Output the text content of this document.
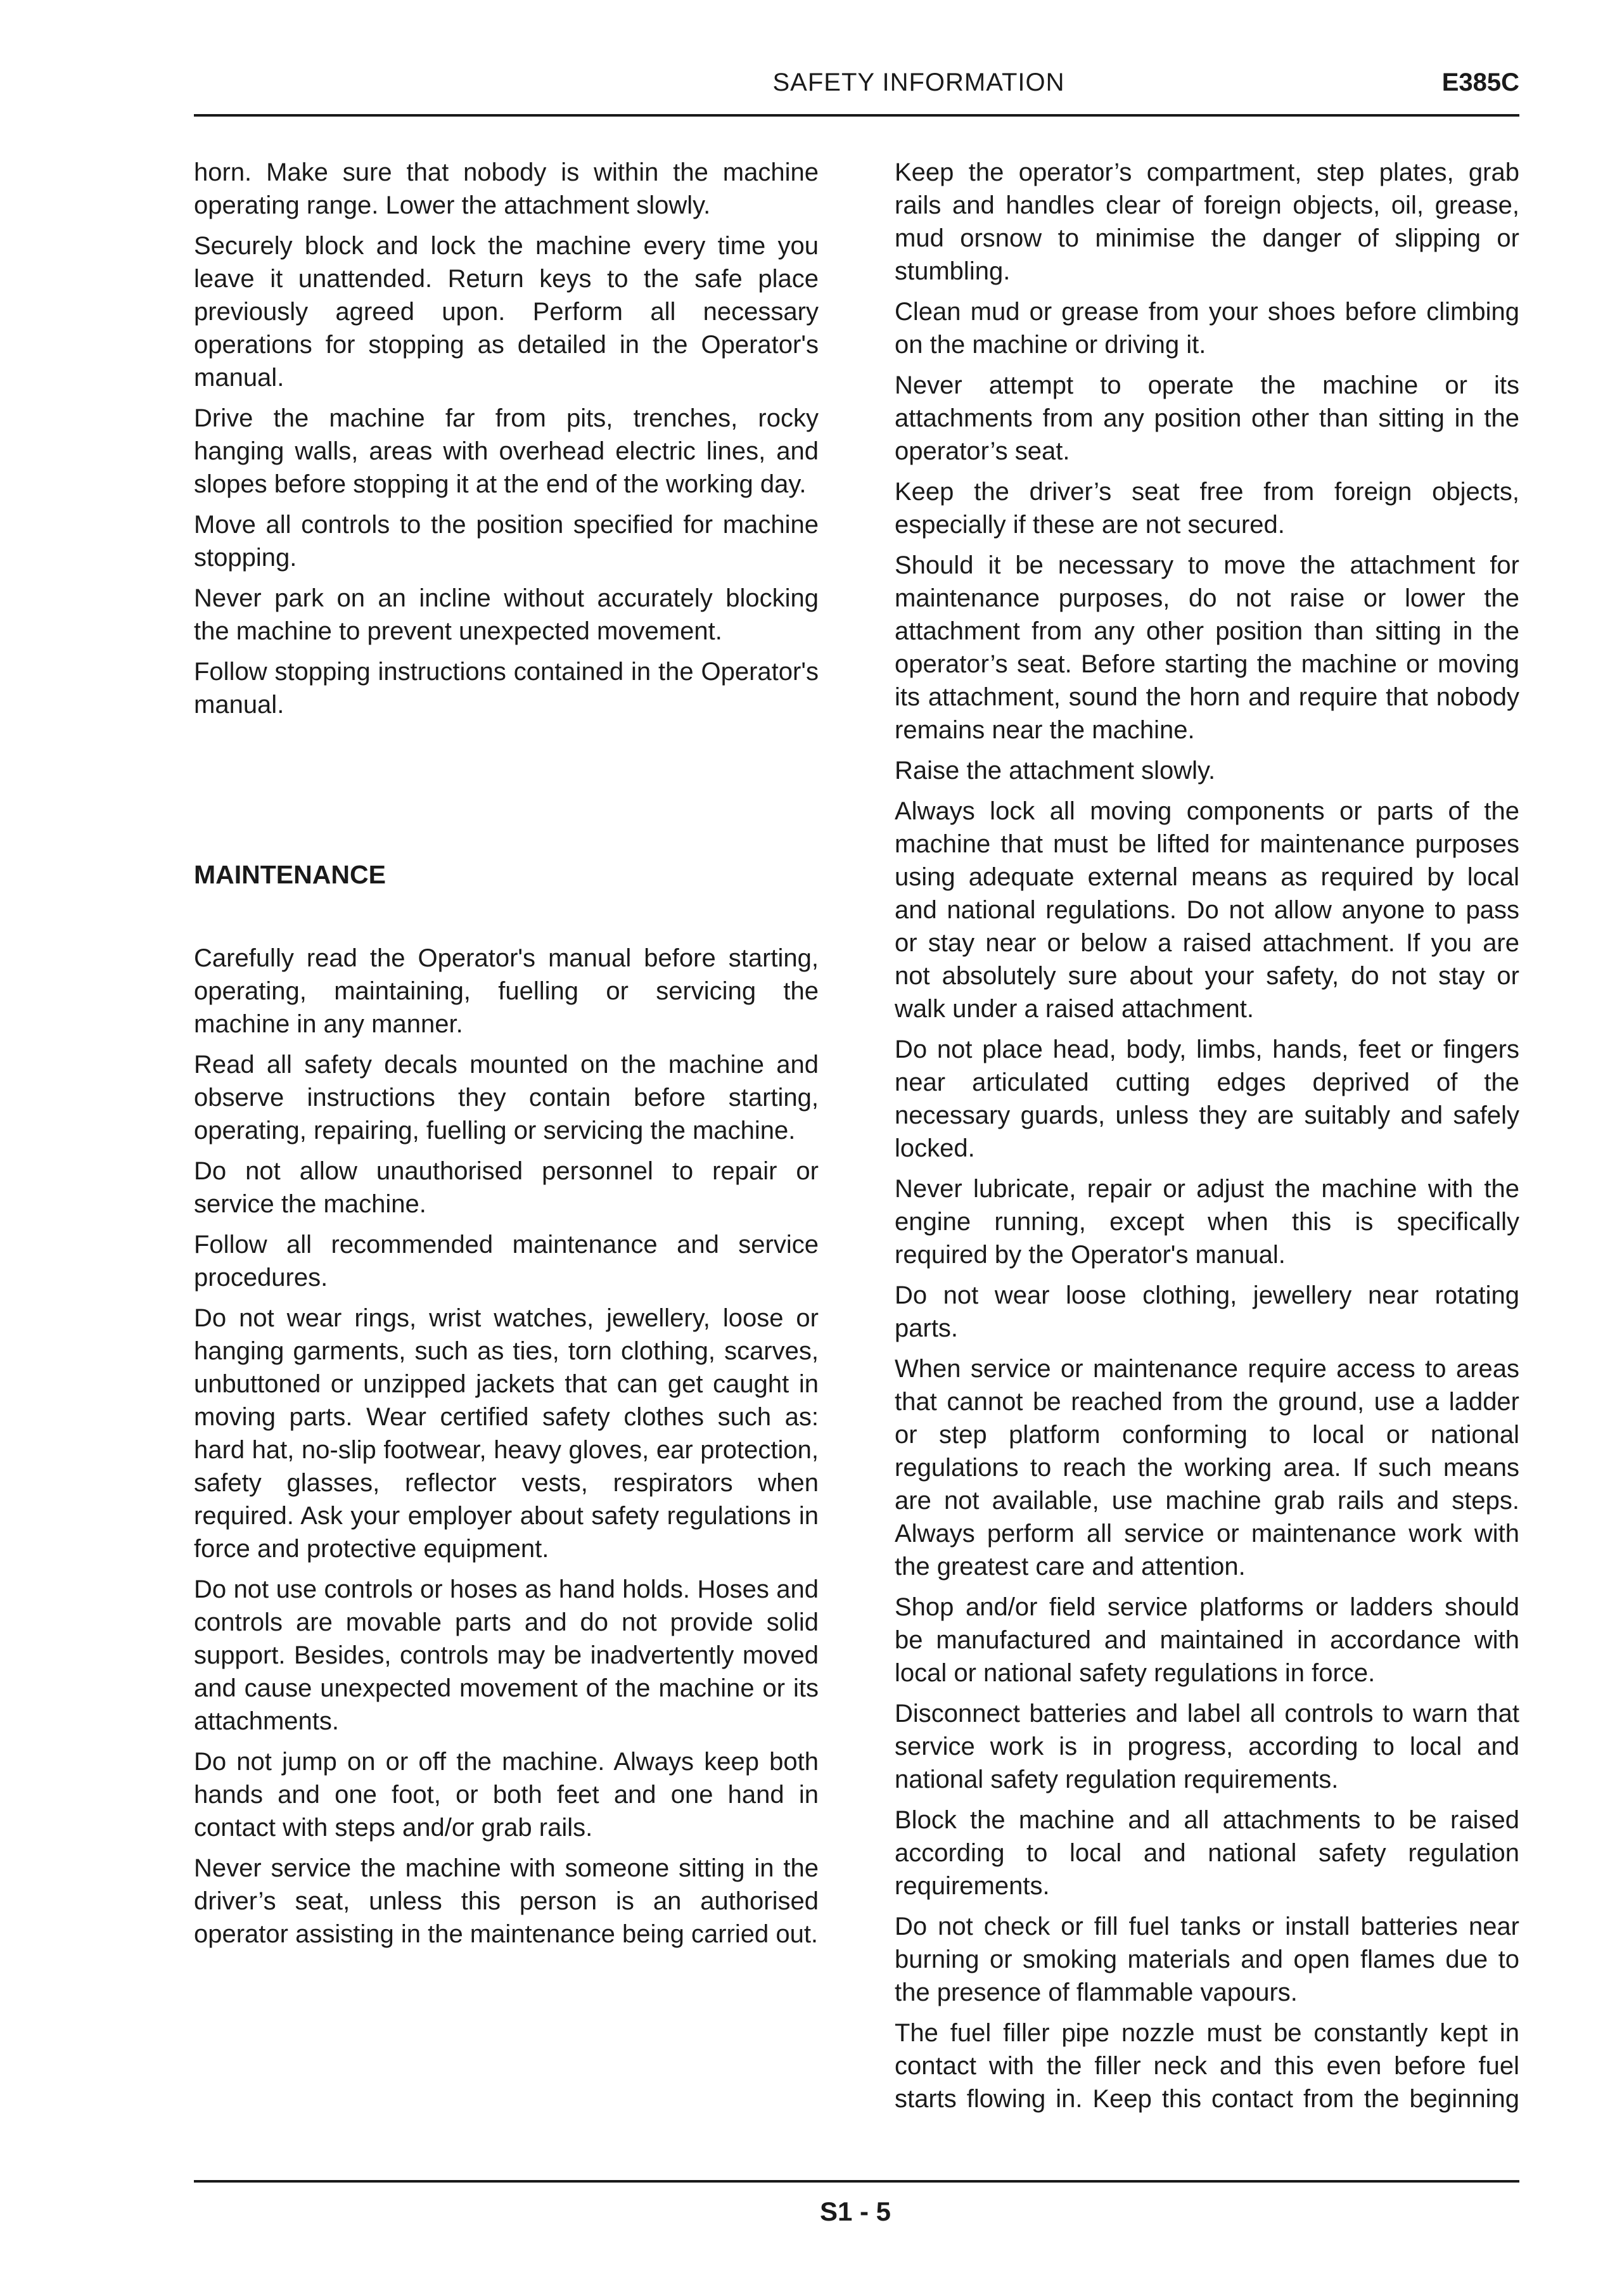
SAFETY INFORMATION	E385C

horn. Make sure that nobody is within the machine operating range. Lower the attachment slowly.

Securely block and lock the machine every time you leave it unattended. Return keys to the safe place previously agreed upon. Perform all necessary operations for stopping as detailed in the Operator's manual.

Drive the machine far from pits, trenches, rocky hanging walls, areas with overhead electric lines, and slopes before stopping it at the end of the working day.

Move all controls to the position specified for machine stopping.

Never park on an incline without accurately blocking the machine to prevent unexpected movement.

Follow stopping instructions contained in the Operator's manual.

MAINTENANCE

Carefully read the Operator's manual before starting, operating, maintaining, fuelling or servicing the machine in any manner.

Read all safety decals mounted on the machine and observe instructions they contain before starting, operating, repairing, fuelling or servicing the machine.

Do not allow unauthorised personnel to repair or service the machine.

Follow all recommended maintenance and service procedures.

Do not wear rings, wrist watches, jewellery, loose or hanging garments, such as ties, torn clothing, scarves, unbuttoned or unzipped jackets that can get caught in moving parts. Wear certified safety clothes such as: hard hat, no-slip footwear, heavy gloves, ear protection, safety glasses, reflector vests, respirators when required. Ask your employer about safety regulations in force and protective equipment.

Do not use controls or hoses as hand holds. Hoses and controls are movable parts and do not provide solid support. Besides, controls may be inadvertently moved and cause unexpected movement of the machine or its attachments.

Do not jump on or off the machine. Always keep both hands and one foot, or both feet and one hand in contact with steps and/or grab rails.

Never service the machine with someone sitting in the driver’s seat, unless this person is an authorised operator assisting in the maintenance being carried out.

Keep the operator’s compartment, step plates, grab rails and handles clear of foreign objects, oil, grease, mud orsnow to minimise the danger of slipping or stumbling.

Clean mud or grease from your shoes before climbing on the machine or driving it.

Never attempt to operate the machine or its attachments from any position other than sitting in the operator’s seat.

Keep the driver’s seat free from foreign objects, especially if these are not secured.

Should it be necessary to move the attachment for maintenance purposes, do not raise or lower the attachment from any other position than sitting in the operator’s seat. Before starting the machine or moving its attachment, sound the horn and require that nobody remains near the machine.

Raise the attachment slowly.

Always lock all moving components or parts of the machine that must be lifted for maintenance purposes using adequate external means as required by local and national regulations. Do not allow anyone to pass or stay near or below a raised attachment. If you are not absolutely sure about your safety, do not stay or walk under a raised attachment.

Do not place head, body, limbs, hands, feet or fingers near articulated cutting edges deprived of the necessary guards, unless they are suitably and safely locked.

Never lubricate, repair or adjust the machine with the engine running, except when this is specifically required by the Operator's manual.

Do not wear loose clothing, jewellery near rotating parts.

When service or maintenance require access to areas that cannot be reached from the ground, use a ladder or step platform conforming to local or national regulations to reach the working area. If such means are not available, use machine grab rails and steps. Always perform all service or maintenance work with the greatest care and attention.

Shop and/or field service platforms or ladders should be manufactured and maintained in accordance with local or national safety regulations in force.

Disconnect batteries and label all controls to warn that service work is in progress, according to local and national safety regulation requirements.

Block the machine and all attachments to be raised according to local and national safety regulation requirements.

Do not check or fill fuel tanks or install batteries near burning or smoking materials and open flames due to the presence of flammable vapours.

The fuel filler pipe nozzle must be constantly kept in contact with the filler neck and this even before fuel starts flowing in. Keep this contact from the beginning

S1 - 5
